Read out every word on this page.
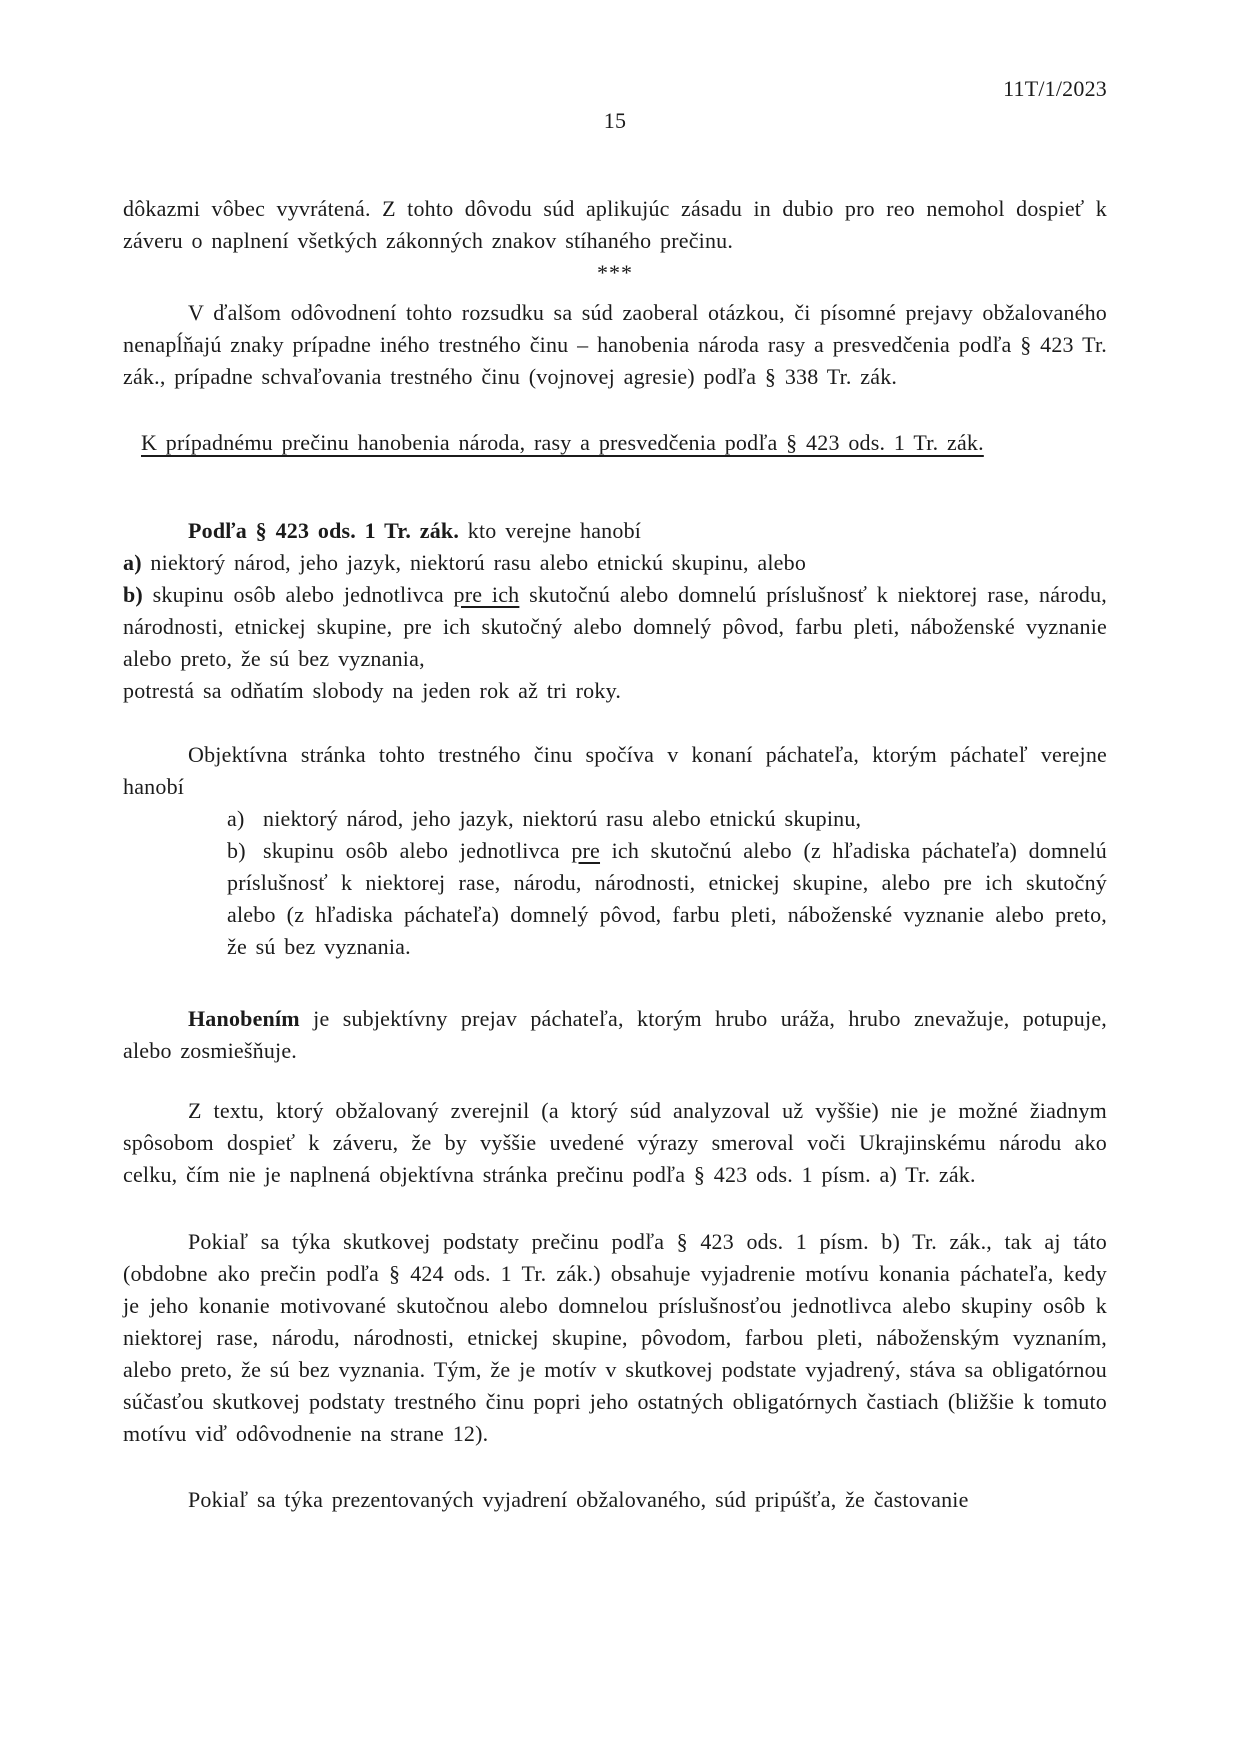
11T/1/2023
15

dôkazmi vôbec vyvrátená. Z tohto dôvodu súd aplikujúc zásadu in dubio pro reo nemohol dospieť k záveru o naplnení všetkých zákonných znakov stíhaného prečinu.

***

V ďalšom odôvodnení tohto rozsudku sa súd zaoberal otázkou, či písomné prejavy obžalovaného nenapĺňajú znaky prípadne iného trestného činu – hanobenia národa rasy a presvedčenia podľa § 423 Tr. zák., prípadne schvaľovania trestného činu (vojnovej agresie) podľa § 338 Tr. zák.

K prípadnému prečinu hanobenia národa, rasy a presvedčenia podľa § 423 ods. 1 Tr. zák.

Podľa § 423 ods. 1 Tr. zák. kto verejne hanobí

a) niektorý národ, jeho jazyk, niektorú rasu alebo etnickú skupinu, alebo

b) skupinu osôb alebo jednotlivca pre ich skutočnú alebo domnelú príslušnosť k niektorej rase, národu, národnosti, etnickej skupine, pre ich skutočný alebo domnelý pôvod, farbu pleti, náboženské vyznanie alebo preto, že sú bez vyznania,

potrestá sa odňatím slobody na jeden rok až tri roky.

Objektívna stránka tohto trestného činu spočíva v konaní páchateľa, ktorým páchateľ verejne hanobí

a) niektorý národ, jeho jazyk, niektorú rasu alebo etnickú skupinu,

b) skupinu osôb alebo jednotlivca pre ich skutočnú alebo (z hľadiska páchateľa) domnelú príslušnosť k niektorej rase, národu, národnosti, etnickej skupine, alebo pre ich skutočný alebo (z hľadiska páchateľa) domnelý pôvod, farbu pleti, náboženské vyznanie alebo preto, že sú bez vyznania.

Hanobením je subjektívny prejav páchateľa, ktorým hrubo uráža, hrubo znevažuje, potupuje, alebo zosmiešňuje.

Z textu, ktorý obžalovaný zverejnil (a ktorý súd analyzoval už vyššie) nie je možné žiadnym spôsobom dospieť k záveru, že by vyššie uvedené výrazy smeroval voči Ukrajinskému národu ako celku, čím nie je naplnená objektívna stránka prečinu podľa § 423 ods. 1 písm. a) Tr. zák.

Pokiaľ sa týka skutkovej podstaty prečinu podľa § 423 ods. 1 písm. b) Tr. zák., tak aj táto (obdobne ako prečin podľa § 424 ods. 1 Tr. zák.) obsahuje vyjadrenie motívu konania páchateľa, kedy je jeho konanie motivované skutočnou alebo domnelou príslušnosťou jednotlivca alebo skupiny osôb k niektorej rase, národu, národnosti, etnickej skupine, pôvodom, farbou pleti, náboženským vyznaním, alebo preto, že sú bez vyznania. Tým, že je motív v skutkovej podstate vyjadrený, stáva sa obligatórnou súčasťou skutkovej podstaty trestného činu popri jeho ostatných obligatórnych častiach (bližšie k tomuto motívu viď odôvodnenie na strane 12).

Pokiaľ sa týka prezentovaných vyjadrení obžalovaného, súd pripúšťa, že častovanie
